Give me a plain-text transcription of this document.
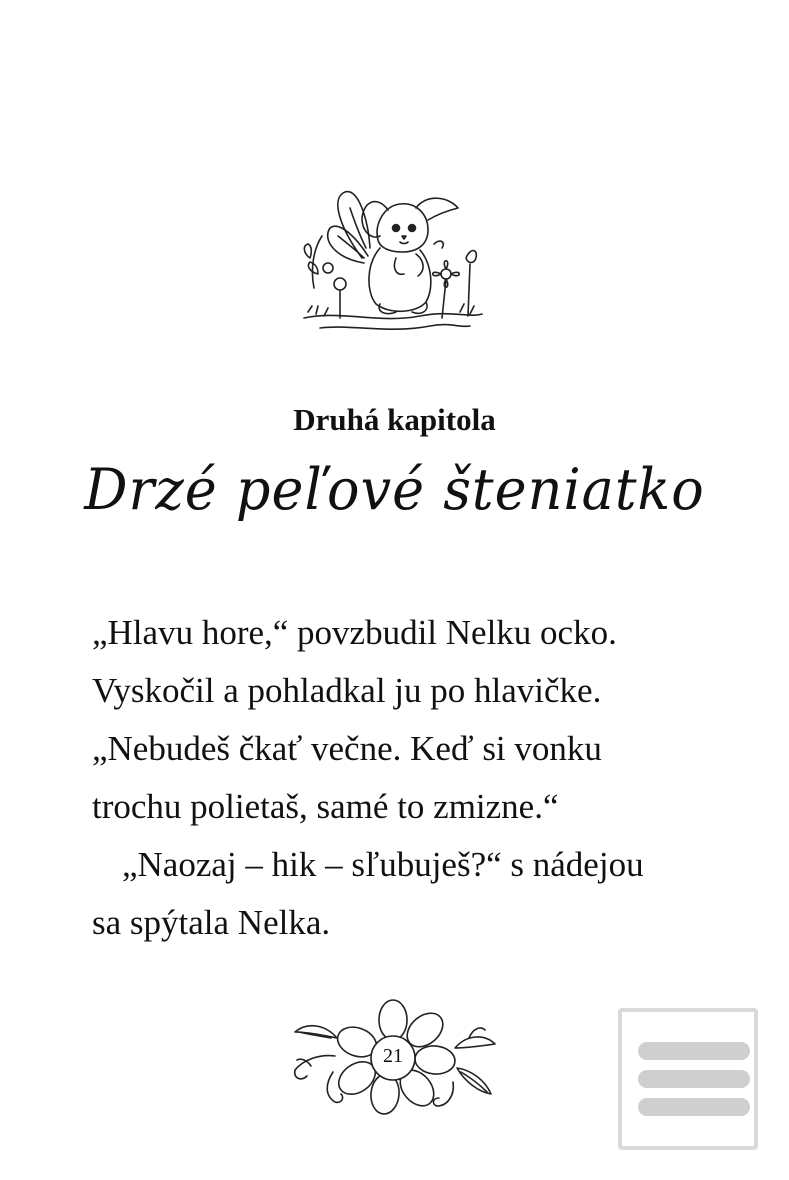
Druhá kapitola
Drzé peľové šteniatko
„Hlavu hore,“ povzbudil Nelku ocko.
Vyskočil a pohladkal ju po hlavičke.
„Nebudeš čkať večne. Keď si vonku
trochu polietaš, samé to zmizne.“
„Naozaj – hik – sľubuješ?“ s nádejou
sa spýtala Nelka.
21
